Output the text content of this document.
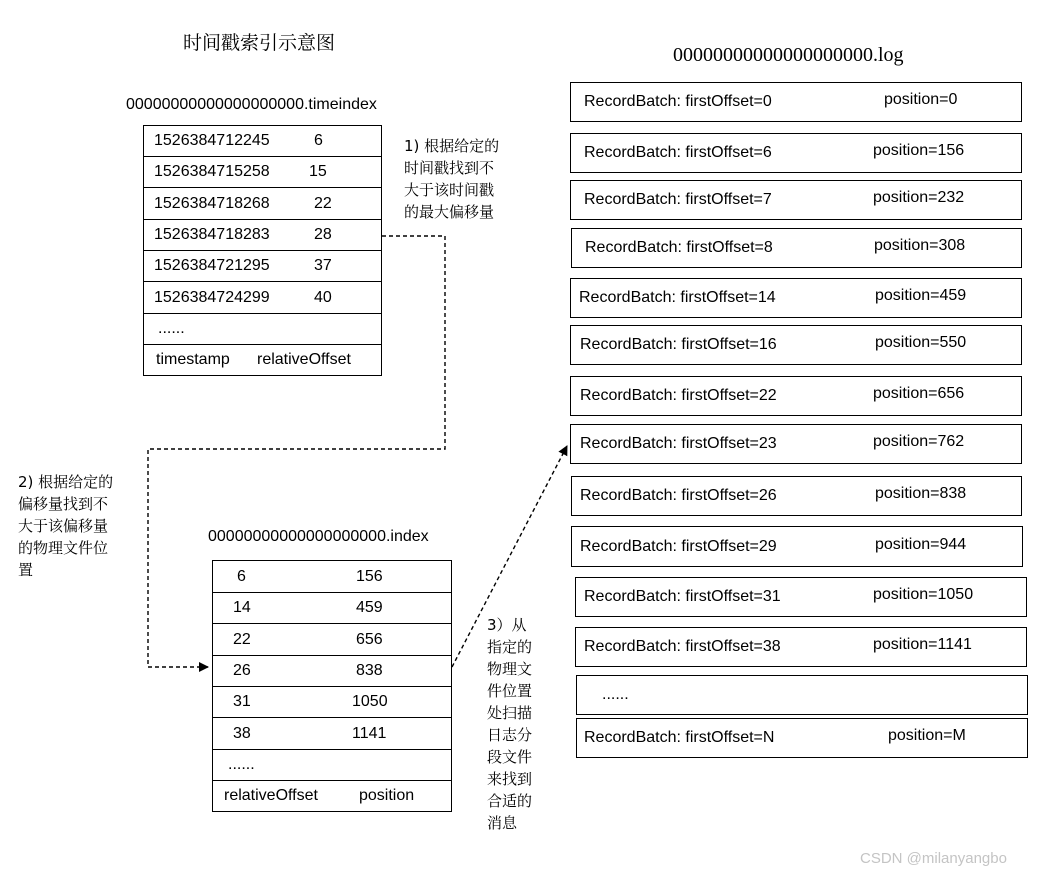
时间戳索引示意图
00000000000000000000.timeindex
1526384712245	6
1526384715258 15
1526384718268	22
1526384718283	28
1526384721295	37
1526384724299	40
......
timestamp relativeOffset
1) 根据给定的
时间戳找到不
大于该时间戳
的最大偏移量
2) 根据给定的
偏移量找到不
大于该偏移量
的物理文件位
置
00000000000000000000.index
6	156
14	459
22	656
26	838
31	1050
38	1141
......
relativeOffset	position
3）从
指定的
物理文
件位置
处扫描
日志分
段文件
来找到
合适的
消息
00000000000000000000.log
RecordBatch: firstOffset=0	position=0
RecordBatch: firstOffset=6	position=156
RecordBatch: firstOffset=7	position=232
RecordBatch: firstOffset=8	position=308
RecordBatch: firstOffset=14	position=459
RecordBatch: firstOffset=16	position=550
RecordBatch: firstOffset=22	position=656
RecordBatch: firstOffset=23	position=762
RecordBatch: firstOffset=26	position=838
RecordBatch: firstOffset=29	position=944
RecordBatch: firstOffset=31	position=1050
RecordBatch: firstOffset=38	position=1141
......
RecordBatch: firstOffset=N	position=M
CSDN @milanyangbo
